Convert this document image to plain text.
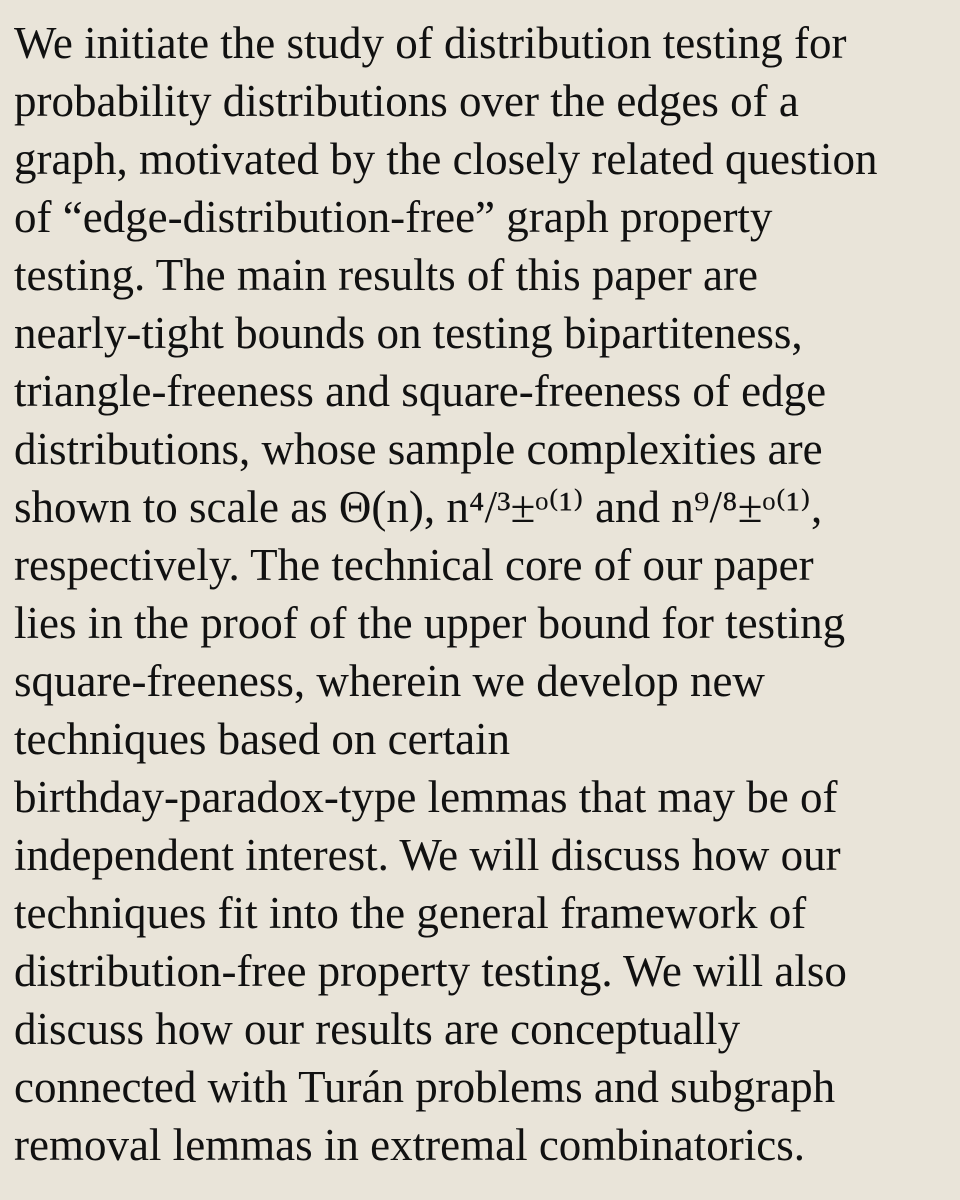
We initiate the study of distribution testing for
probability distributions over the edges of a
graph, motivated by the closely related question
of “edge-distribution-free” graph property
testing. The main results of this paper are
nearly-tight bounds on testing bipartiteness,
triangle-freeness and square-freeness of edge
distributions, whose sample complexities are
shown to scale as Θ(n), n⁴/³±ᵒ⁽¹⁾ and n⁹/⁸±ᵒ⁽¹⁾,
respectively. The technical core of our paper
lies in the proof of the upper bound for testing
square-freeness, wherein we develop new
techniques based on certain
birthday-paradox-type lemmas that may be of
independent interest. We will discuss how our
techniques fit into the general framework of
distribution-free property testing. We will also
discuss how our results are conceptually
connected with Turán problems and subgraph
removal lemmas in extremal combinatorics.
